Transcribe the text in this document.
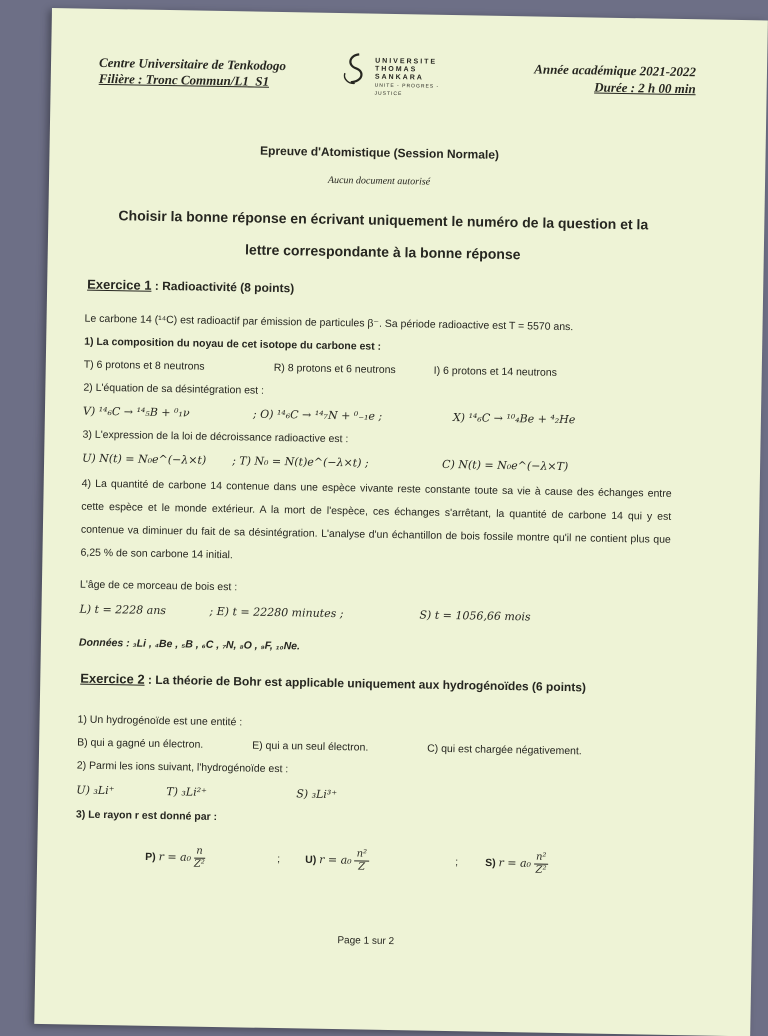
Centre Universitaire de Tenkodogo
Filière : Tronc Commun/L1_S1
UNIVERSITE
THOMAS SANKARA
UNITE - PROGRES - JUSTICE
Année académique 2021-2022
Durée : 2 h 00 min
Epreuve d'Atomistique (Session Normale)
Aucun document autorisé
Choisir la bonne réponse en écrivant uniquement le numéro de la question et la
lettre correspondante à la bonne réponse
Exercice 1 : Radioactivité (8 points)
Le carbone 14 (¹⁴C) est radioactif par émission de particules β⁻. Sa période radioactive est T = 5570 ans.
1) La composition du noyau de cet isotope du carbone est :
T) 6 protons et 8 neutrons	R) 8 protons et 6 neutrons	I) 6 protons et 14 neutrons
2) L'équation de sa désintégration est :
V) ¹⁴₆C → ¹⁴₅B + ⁰₁ν	; O) ¹⁴₆C → ¹⁴₇N + ⁰₋₁e ;	X) ¹⁴₆C → ¹⁰₄Be + ⁴₂He
3) L'expression de la loi de décroissance radioactive est :
U) N(t) = N₀e^(−λ×t) ; T) N₀ = N(t)e^(−λ×t) ;	C) N(t) = N₀e^(−λ×T)
4) La quantité de carbone 14 contenue dans une espèce vivante reste constante toute sa vie à cause des échanges entre cette espèce et le monde extérieur. A la mort de l'espèce, ces échanges s'arrêtant, la quantité de carbone 14 qui y est contenue va diminuer du fait de sa désintégration. L'analyse d'un échantillon de bois fossile montre qu'il ne contient plus que 6,25 % de son carbone 14 initial.
L'âge de ce morceau de bois est :
L) t = 2228 ans	; E) t = 22280 minutes ;	S) t = 1056,66 mois
Données : ₃Li , ₄Be , ₅B , ₆C , ₇N, ₈O , ₉F, ₁₀Ne.
Exercice 2 : La théorie de Bohr est applicable uniquement aux hydrogénoïdes (6 points)
1) Un hydrogénoïde est une entité :
B) qui a gagné un électron.	E) qui a un seul électron.	C) qui est chargée négativement.
2) Parmi les ions suivant, l'hydrogénoïde est :
U) ₃Li⁺	T) ₃Li²⁺	S) ₃Li³⁺
3) Le rayon r est donné par :
P) $r = a_0 \frac{n}{\text{Z²}}$	; U) $r = a_0 \frac{\text{n²}}{Z}$	;	S) $r = a_0 \frac{\text{n²}}{\text{Z²}}$
Page 1 sur 2
